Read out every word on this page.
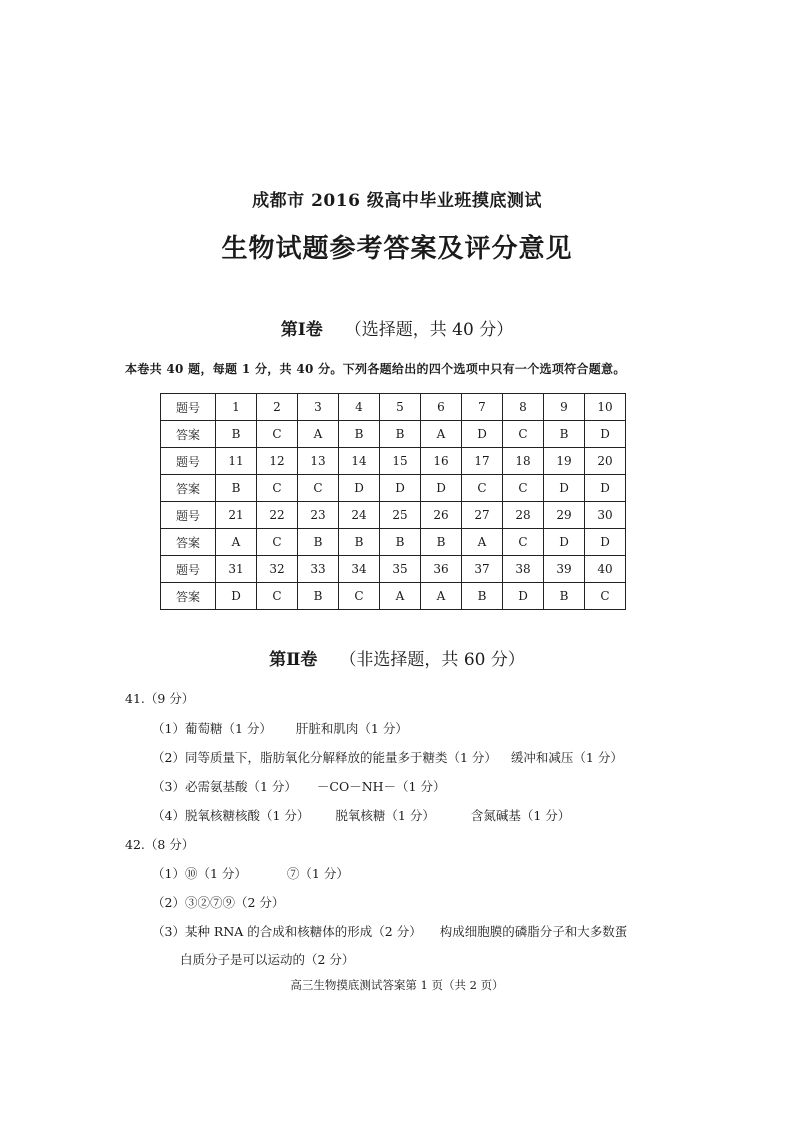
成都市 2016 级高中毕业班摸底测试
生物试题参考答案及评分意见
第Ⅰ卷 （选择题，共 40 分）
本卷共 40 题，每题 1 分，共 40 分。下列各题给出的四个选项中只有一个选项符合题意。
题号	1	2	3	4	5	6	7	8	9	10
答案	B	C	A	B	B	A	D	C	B	D
题号	11	12	13	14	15	16	17	18	19	20
答案	B	C	C	D	D	D	C	C	D	D
题号	21	22	23	24	25	26	27	28	29	30
答案	A	C	B	B	B	B	A	C	D	D
题号	31	32	33	34	35	36	37	38	39	40
答案	D	C	B	C	A	A	B	D	B	C
第Ⅱ卷 （非选择题，共 60 分）
41.（9 分）
（1）葡萄糖（1 分） 肝脏和肌肉（1 分）
（2）同等质量下，脂肪氧化分解释放的能量多于糖类（1 分） 缓冲和减压（1 分）
（3）必需氨基酸（1 分） －CO－NH－（1 分）
（4）脱氧核糖核酸（1 分） 脱氧核糖（1 分）	含氮碱基（1 分）
42.（8 分）
（1）⑩（1 分）	⑦（1 分）
（2）③②⑦⑨（2 分）
（3）某种 RNA 的合成和核糖体的形成（2 分） 构成细胞膜的磷脂分子和大多数蛋
白质分子是可以运动的（2 分）
高三生物摸底测试答案第 1 页（共 2 页）
